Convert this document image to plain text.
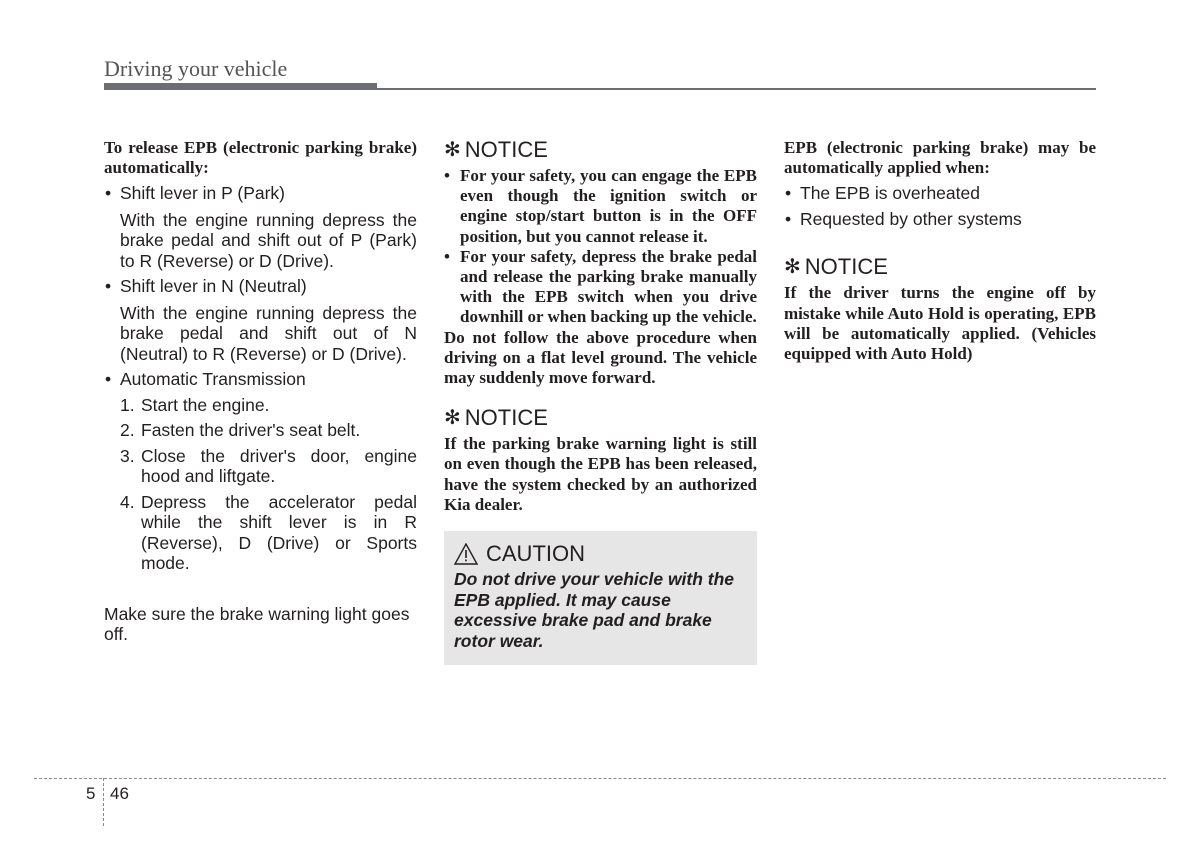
Driving your vehicle

To release EPB (electronic parking brake) automatically:

• Shift lever in P (Park)

With the engine running depress the brake pedal and shift out of P (Park) to R (Reverse) or D (Drive).

• Shift lever in N (Neutral)

With the engine running depress the brake pedal and shift out of N (Neutral) to R (Reverse) or D (Drive).

• Automatic Transmission

1. Start the engine.

2. Fasten the driver's seat belt.

3. Close the driver's door, engine hood and liftgate.

4. Depress the accelerator pedal while the shift lever is in R (Reverse), D (Drive) or Sports mode.

Make sure the brake warning light goes off.

✻ NOTICE

• For your safety, you can engage the EPB even though the ignition switch or engine stop/start button is in the OFF position, but you cannot release it.

• For your safety, depress the brake pedal and release the parking brake manually with the EPB switch when you drive downhill or when backing up the vehicle.

Do not follow the above procedure when driving on a flat level ground. The vehicle may suddenly move forward.

✻ NOTICE

If the parking brake warning light is still on even though the EPB has been released, have the system checked by an authorized Kia dealer.

CAUTION

Do not drive your vehicle with the EPB applied. It may cause excessive brake pad and brake rotor wear.

EPB (electronic parking brake) may be automatically applied when:

• The EPB is overheated

• Requested by other systems

✻ NOTICE

If the driver turns the engine off by mistake while Auto Hold is operating, EPB will be automatically applied. (Vehicles equipped with Auto Hold)

5 46
